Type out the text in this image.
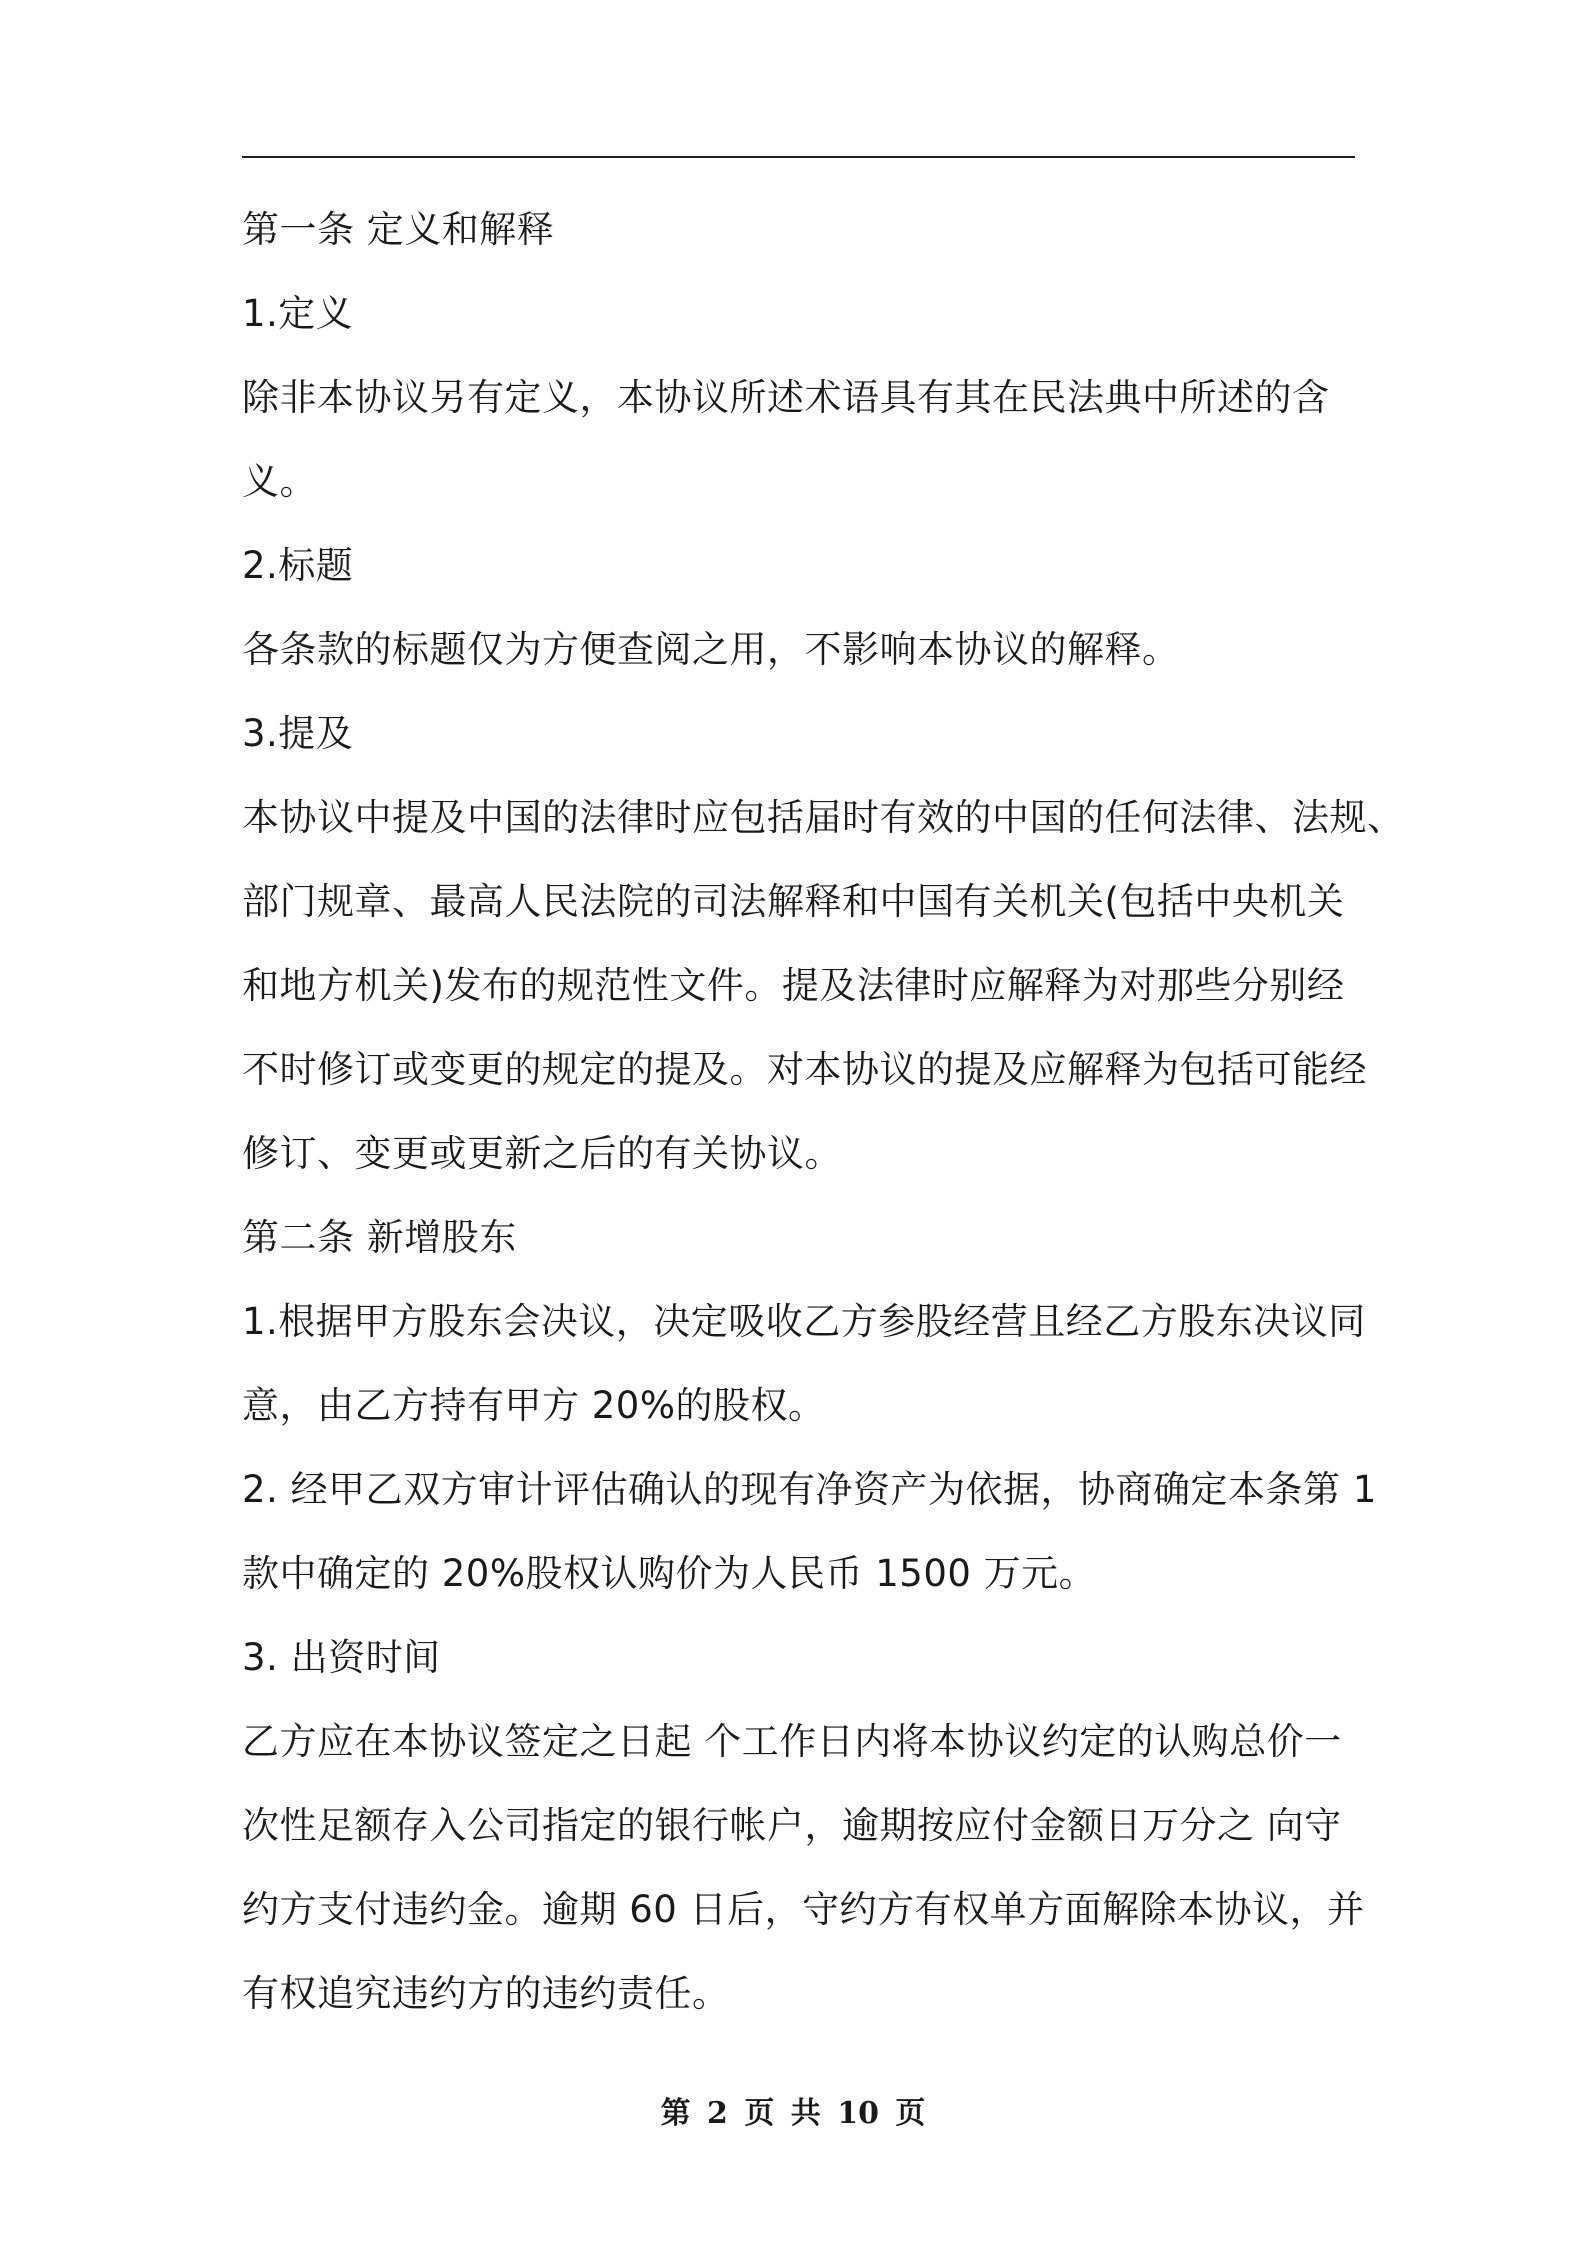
第一条 定义和解释
1.定义
除非本协议另有定义，本协议所述术语具有其在民法典中所述的含
义。
2.标题
各条款的标题仅为方便查阅之用，不影响本协议的解释。
3.提及
本协议中提及中国的法律时应包括届时有效的中国的任何法律、法规、
部门规章、最高人民法院的司法解释和中国有关机关(包括中央机关
和地方机关)发布的规范性文件。提及法律时应解释为对那些分别经
不时修订或变更的规定的提及。对本协议的提及应解释为包括可能经
修订、变更或更新之后的有关协议。
第二条 新增股东
1.根据甲方股东会决议，决定吸收乙方参股经营且经乙方股东决议同
意，由乙方持有甲方 20%的股权。
2. 经甲乙双方审计评估确认的现有净资产为依据，协商确定本条第 1
款中确定的 20%股权认购价为人民币 1500 万元。
3. 出资时间
乙方应在本协议签定之日起 个工作日内将本协议约定的认购总价一
次性足额存入公司指定的银行帐户，逾期按应付金额日万分之 向守
约方支付违约金。逾期 60 日后，守约方有权单方面解除本协议，并
有权追究违约方的违约责任。
第 2 页 共 10 页
